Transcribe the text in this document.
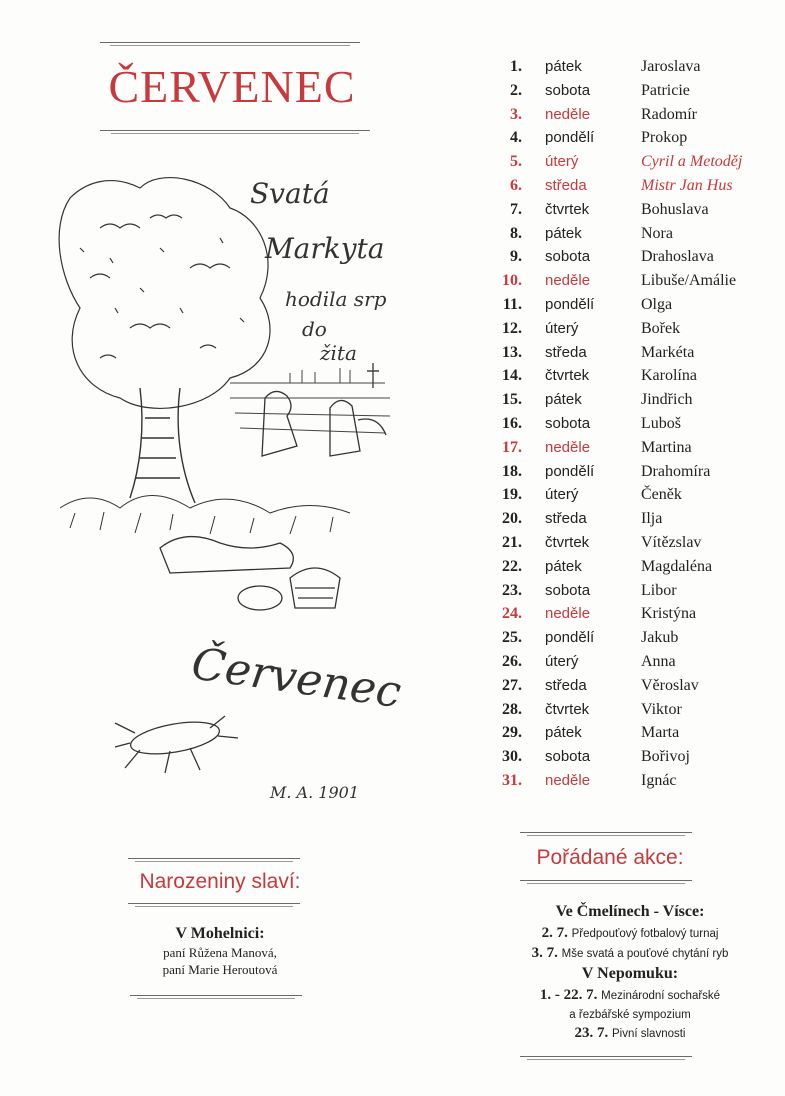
ČERVENEC
Svatá
Markyta
hodila srp
do
žita
Červenec
M. A. 1901
1. pátek	Jaroslava
2. sobota	Patricie
3. neděle	Radomír
4. pondělí	Prokop
5. úterý	Cyril a Metoděj
6. středa	Mistr Jan Hus
7. čtvrtek	Bohuslava
8. pátek	Nora
9. sobota	Drahoslava
10. neděle	Libuše/Amálie
11. pondělí	Olga
12. úterý	Bořek
13. středa	Markéta
14. čtvrtek	Karolína
15. pátek	Jindřich
16. sobota	Luboš
17. neděle	Martina
18. pondělí	Drahomíra
19. úterý	Čeněk
20. středa	Ilja
21. čtvrtek	Vítězslav
22. pátek	Magdaléna
23. sobota	Libor
24. neděle	Kristýna
25. pondělí	Jakub
26. úterý	Anna
27. středa	Věroslav
28. čtvrtek	Viktor
29. pátek	Marta
30. sobota	Bořivoj
31. neděle	Ignác
Narozeniny slaví:
V Mohelnici:
paní Růžena Manová,
paní Marie Heroutová
Pořádané akce:
Ve Čmelínech - Vísce:
2. 7. Předpouťový fotbalový turnaj
3. 7. Mše svatá a pouťové chytání ryb
V Nepomuku:
1. - 22. 7. Mezinárodní sochařské
a řezbářské sympozium
23. 7. Pivní slavnosti
